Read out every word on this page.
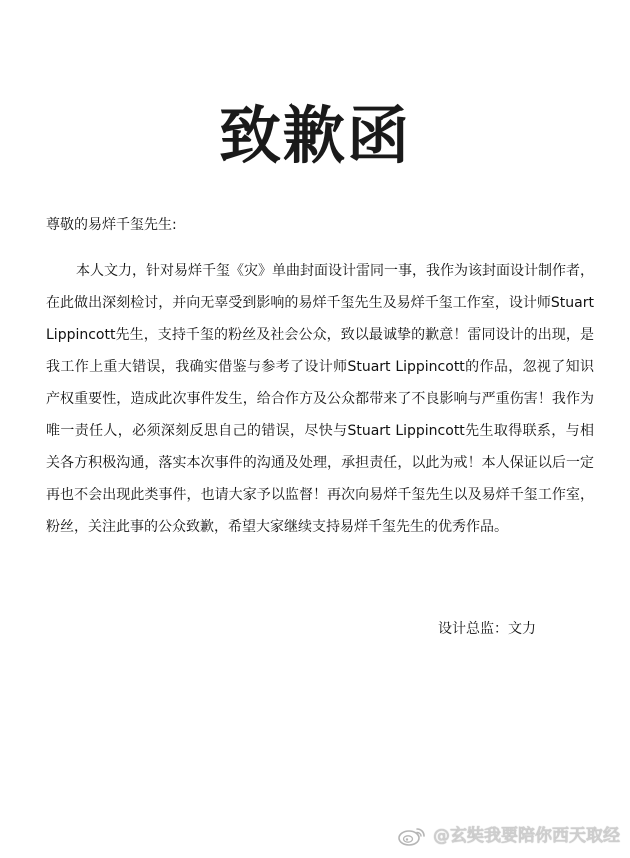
致歉函
尊敬的易烊千玺先生:

本人文力，针对易烊千玺《灾》单曲封面设计雷同一事，我作为该封面设计制作者，在此做出深刻检讨，并向无辜受到影响的易烊千玺先生及易烊千玺工作室，设计师Stuart Lippincott先生，支持千玺的粉丝及社会公众，致以最诚挚的歉意！雷同设计的出现，是我工作上重大错误，我确实借鉴与参考了设计师Stuart Lippincott的作品，忽视了知识产权重要性，造成此次事件发生，给合作方及公众都带来了不良影响与严重伤害！我作为唯一责任人，必须深刻反思自己的错误，尽快与Stuart Lippincott先生取得联系，与相关各方积极沟通，落实本次事件的沟通及处理，承担责任，以此为戒！本人保证以后一定再也不会出现此类事件，也请大家予以监督！再次向易烊千玺先生以及易烊千玺工作室，粉丝，关注此事的公众致歉，希望大家继续支持易烊千玺先生的优秀作品。

设计总监：文力
@玄奘我要陪你西天取经
